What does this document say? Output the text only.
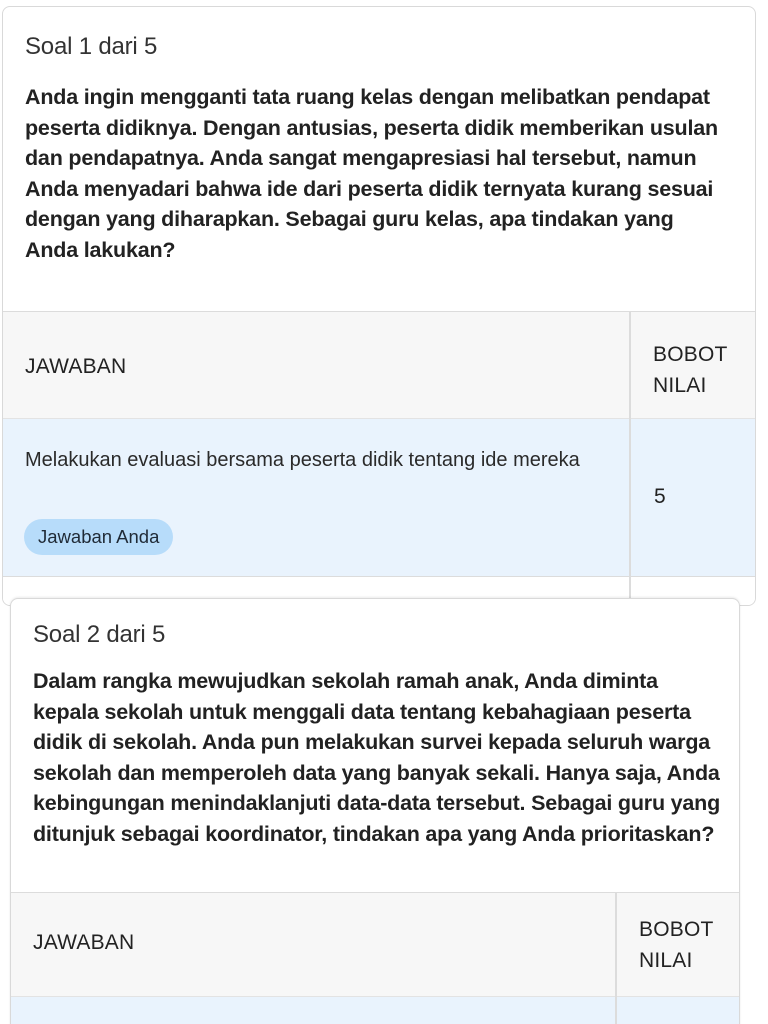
Soal 1 dari 5
Anda ingin mengganti tata ruang kelas dengan melibatkan pendapat peserta didiknya. Dengan antusias, peserta didik memberikan usulan dan pendapatnya. Anda sangat mengapresiasi hal tersebut, namun Anda menyadari bahwa ide dari peserta didik ternyata kurang sesuai dengan yang diharapkan. Sebagai guru kelas, apa tindakan yang Anda lakukan?
JAWABAN
BOBOT
NILAI
Melakukan evaluasi bersama peserta didik tentang ide mereka
Jawaban Anda
5
Soal 2 dari 5
Dalam rangka mewujudkan sekolah ramah anak, Anda diminta kepala sekolah untuk menggali data tentang kebahagiaan peserta didik di sekolah. Anda pun melakukan survei kepada seluruh warga sekolah dan memperoleh data yang banyak sekali. Hanya saja, Anda kebingungan menindaklanjuti data-data tersebut. Sebagai guru yang ditunjuk sebagai koordinator, tindakan apa yang Anda prioritaskan?
JAWABAN
BOBOT
NILAI
